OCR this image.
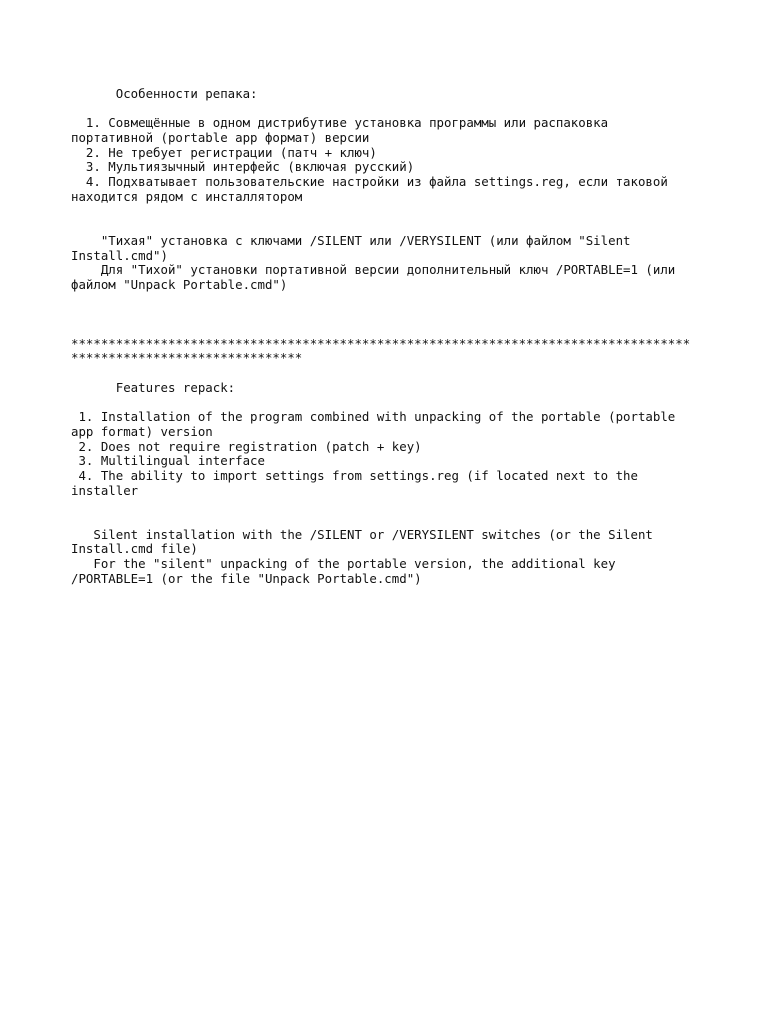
Особенности репака:
1. Совмещённые в одном дистрибутиве установка программы или распаковка
портативной (portable app формат) версии
2. Не требует регистрации (патч + ключ)
3. Мультиязычный интерфейс (включая русский)
4. Подхватывает пользовательские настройки из файла settings.reg, если таковой
находится рядом с инсталлятором
"Тихая" установка с ключами /SILENT или /VERYSILENT (или файлом "Silent
Install.cmd")
Для "Тихой" установки портативной версии дополнительный ключ /PORTABLE=1 (или
файлом "Unpack Portable.cmd")
***********************************************************************************
*******************************
Features repack:
1. Installation of the program combined with unpacking of the portable (portable
app format) version
2. Does not require registration (patch + key)
3. Multilingual interface
4. The ability to import settings from settings.reg (if located next to the
installer
Silent installation with the /SILENT or /VERYSILENT switches (or the Silent
Install.cmd file)
For the "silent" unpacking of the portable version, the additional key
/PORTABLE=1 (or the file "Unpack Portable.cmd")
